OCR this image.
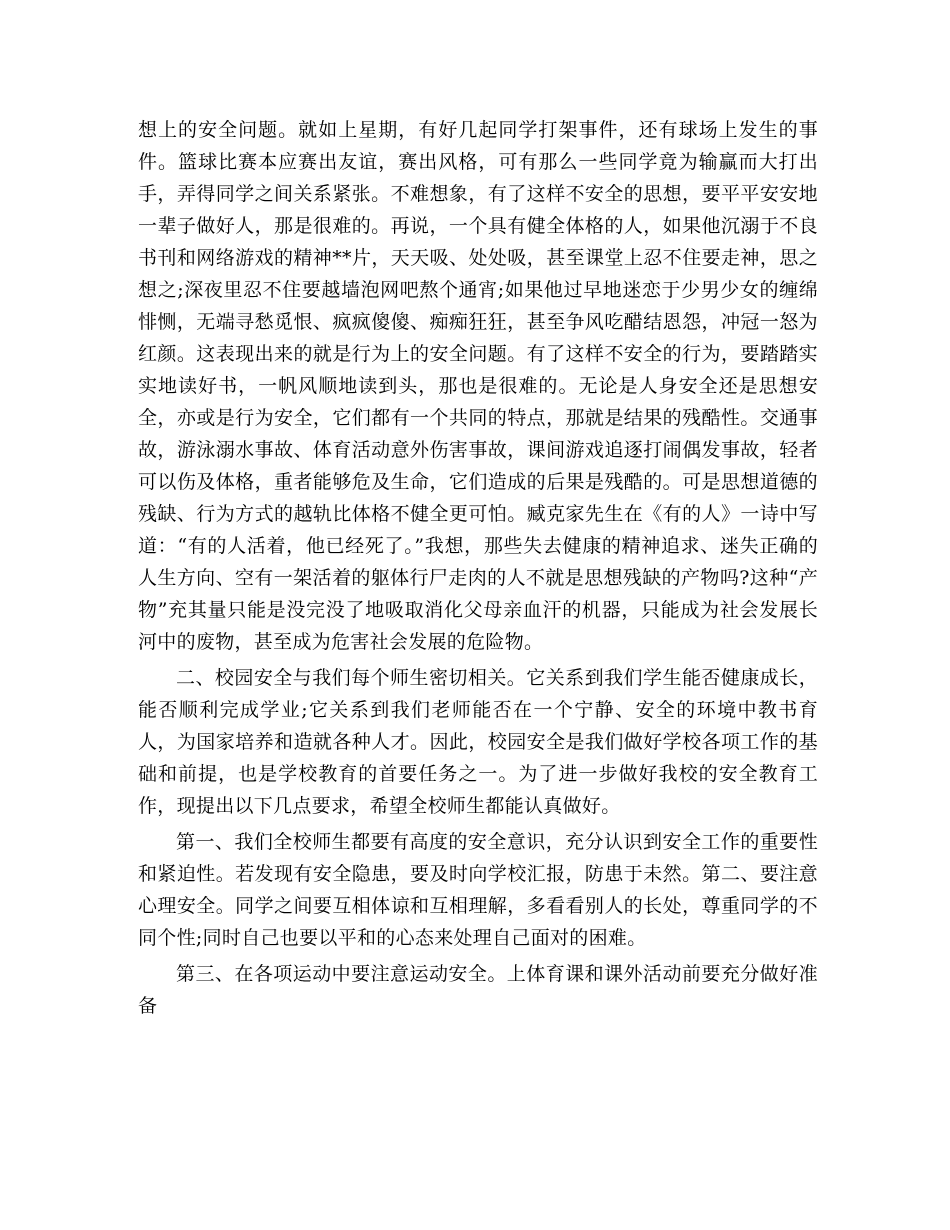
想上的安全问题。就如上星期，有好几起同学打架事件，还有球场上发生的事件。篮球比赛本应赛出友谊，赛出风格，可有那么一些同学竟为输赢而大打出手，弄得同学之间关系紧张。不难想象，有了这样不安全的思想，要平平安安地一辈子做好人，那是很难的。再说，一个具有健全体格的人，如果他沉溺于不良书刊和网络游戏的精神**片，天天吸、处处吸，甚至课堂上忍不住要走神，思之想之;深夜里忍不住要越墙泡网吧熬个通宵;如果他过早地迷恋于少男少女的缠绵悱恻，无端寻愁觅恨、疯疯傻傻、痴痴狂狂，甚至争风吃醋结恩怨，冲冠一怒为红颜。这表现出来的就是行为上的安全问题。有了这样不安全的行为，要踏踏实实地读好书，一帆风顺地读到头，那也是很难的。无论是人身安全还是思想安全，亦或是行为安全，它们都有一个共同的特点，那就是结果的残酷性。交通事故，游泳溺水事故、体育活动意外伤害事故，课间游戏追逐打闹偶发事故，轻者可以伤及体格，重者能够危及生命，它们造成的后果是残酷的。可是思想道德的残缺、行为方式的越轨比体格不健全更可怕。臧克家先生在《有的人》一诗中写道：“有的人活着，他已经死了。”我想，那些失去健康的精神追求、迷失正确的人生方向、空有一架活着的躯体行尸走肉的人不就是思想残缺的产物吗?这种“产物”充其量只能是没完没了地吸取消化父母亲血汗的机器，只能成为社会发展长河中的废物，甚至成为危害社会发展的危险物。

二、校园安全与我们每个师生密切相关。它关系到我们学生能否健康成长，能否顺利完成学业;它关系到我们老师能否在一个宁静、安全的环境中教书育人，为国家培养和造就各种人才。因此，校园安全是我们做好学校各项工作的基础和前提，也是学校教育的首要任务之一。为了进一步做好我校的安全教育工作，现提出以下几点要求，希望全校师生都能认真做好。

第一、我们全校师生都要有高度的安全意识，充分认识到安全工作的重要性和紧迫性。若发现有安全隐患，要及时向学校汇报，防患于未然。第二、要注意心理安全。同学之间要互相体谅和互相理解，多看看别人的长处，尊重同学的不同个性;同时自己也要以平和的心态来处理自己面对的困难。

第三、在各项运动中要注意运动安全。上体育课和课外活动前要充分做好准备
